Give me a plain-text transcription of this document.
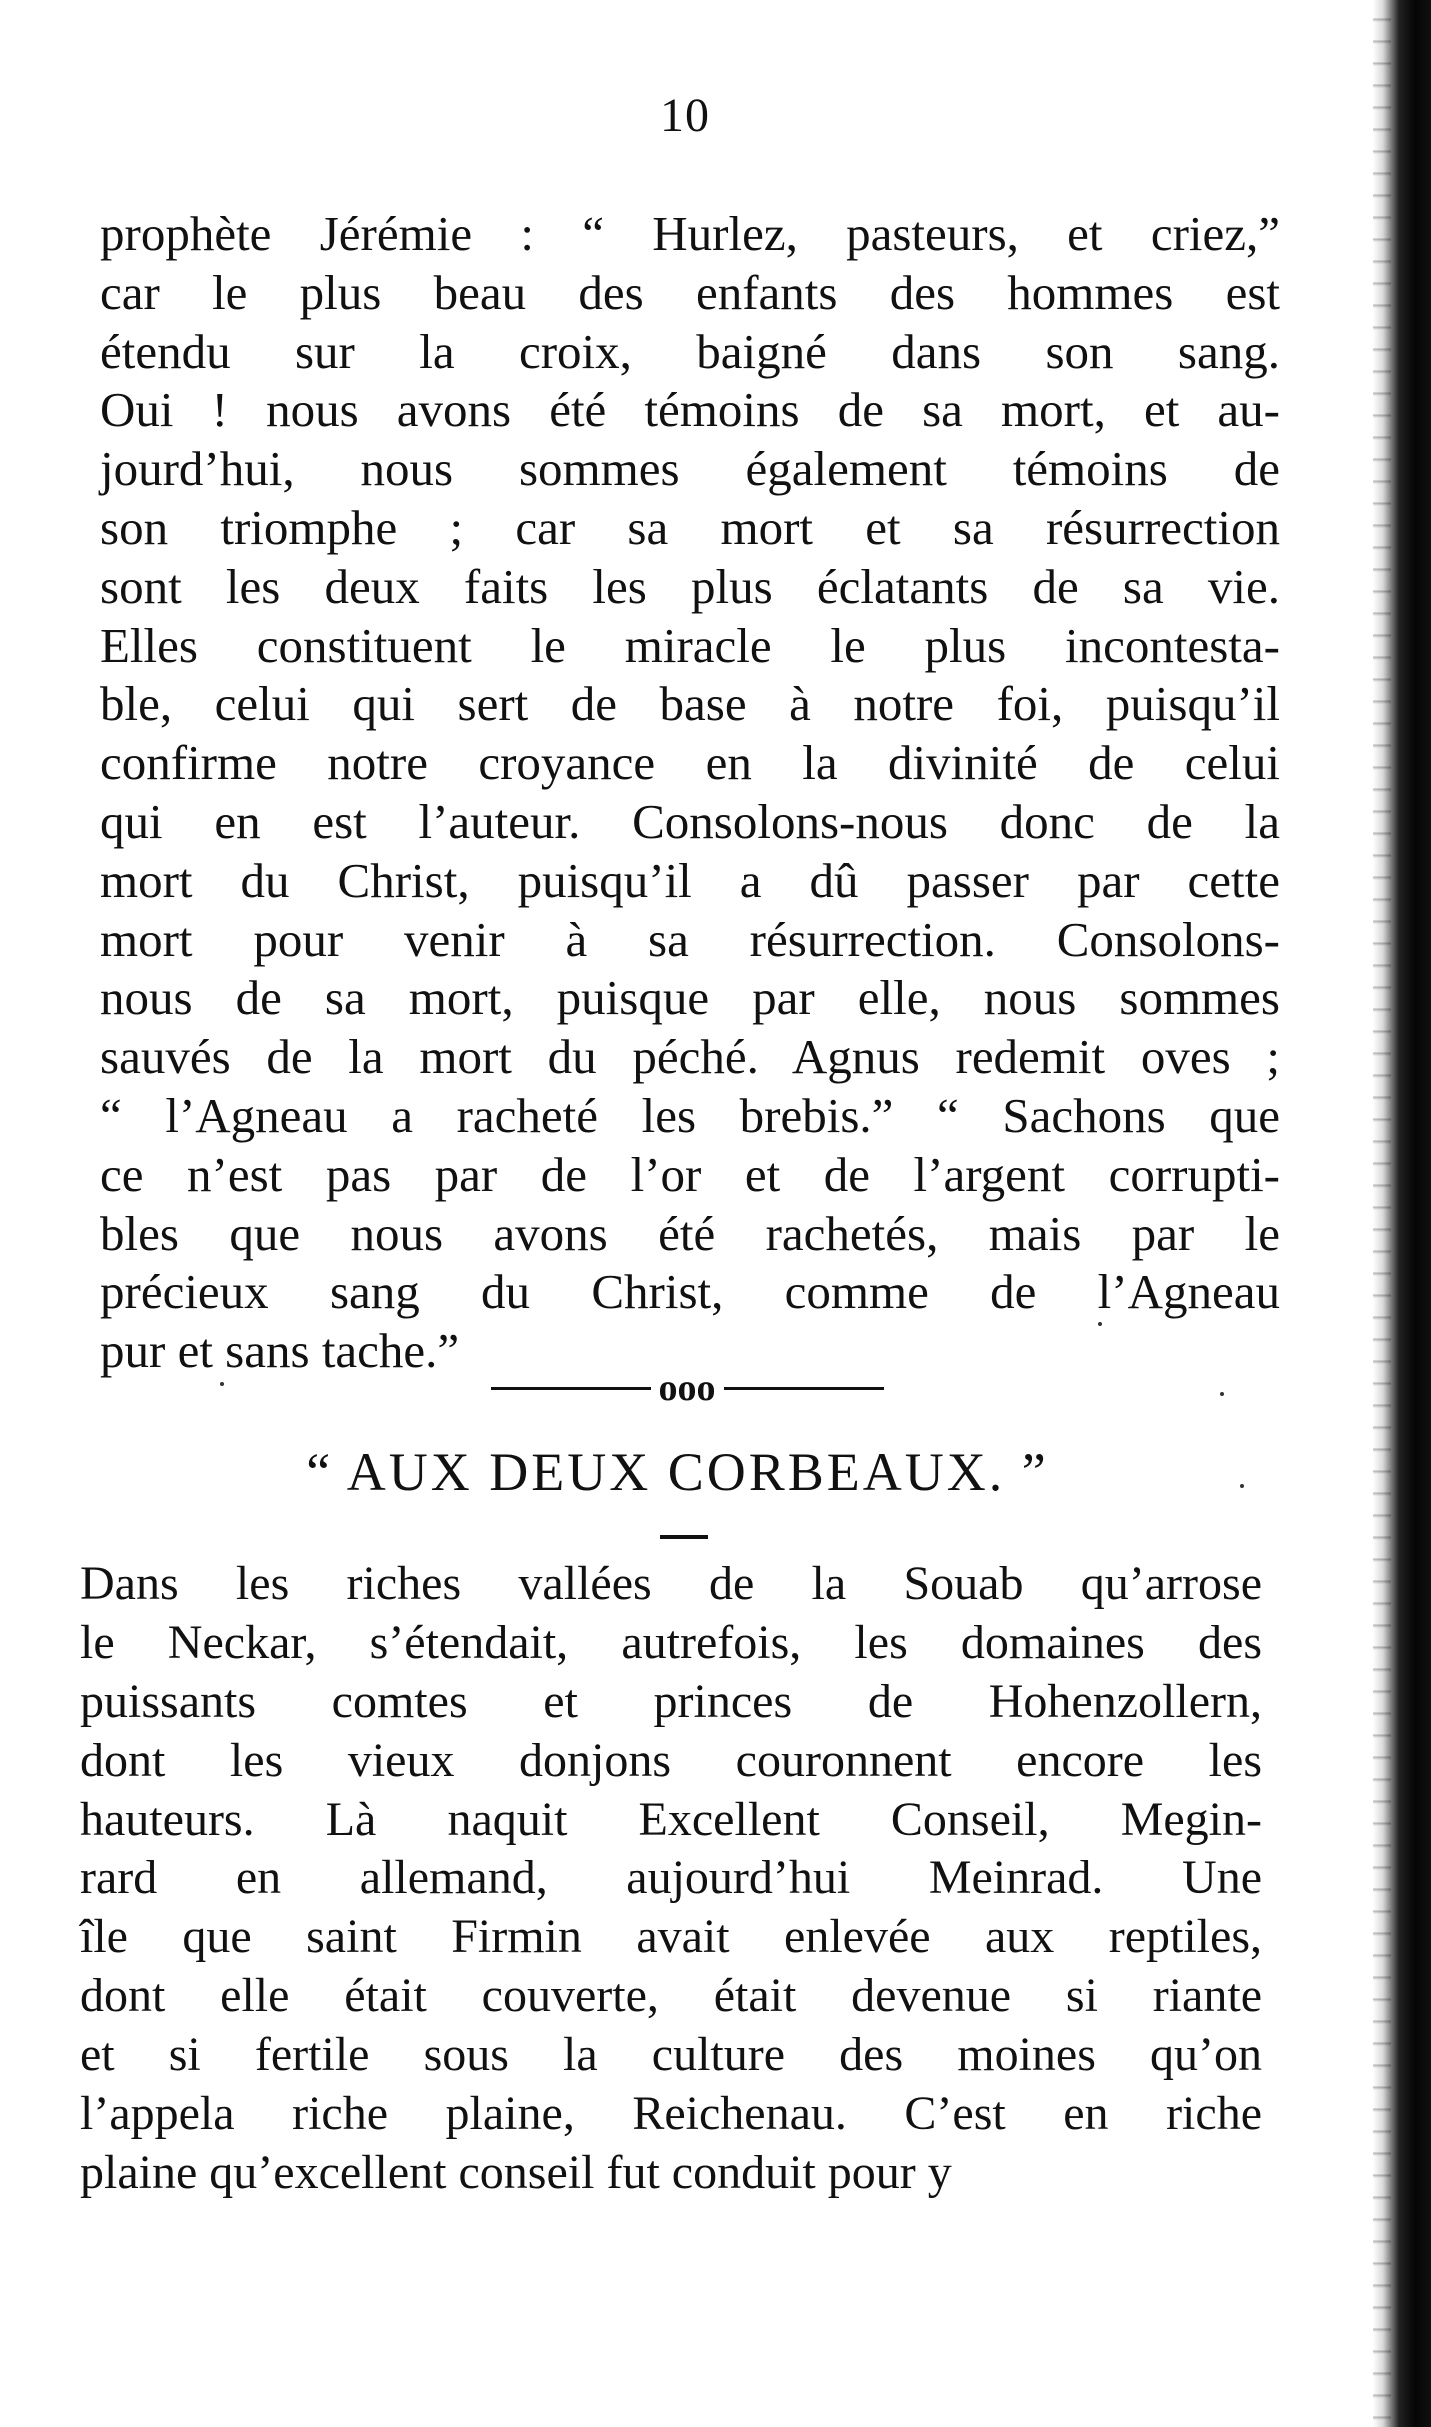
10
prophète Jérémie : “ Hurlez, pasteurs, et criez,”
car le plus beau des enfants des hommes est
étendu sur la croix, baigné dans son sang.
Oui ! nous avons été témoins de sa mort, et au-
jourd’hui, nous sommes également témoins de
son triomphe ; car sa mort et sa résurrection
sont les deux faits les plus éclatants de sa vie.
Elles constituent le miracle le plus incontesta-
ble, celui qui sert de base à notre foi, puisqu’il
confirme notre croyance en la divinité de celui
qui en est l’auteur. Consolons-nous donc de la
mort du Christ, puisqu’il a dû passer par cette
mort pour venir à sa résurrection. Consolons-
nous de sa mort, puisque par elle, nous sommes
sauvés de la mort du péché. Agnus redemit oves ;
“ l’Agneau a racheté les brebis.” “ Sachons que
ce n’est pas par de l’or et de l’argent corrupti-
bles que nous avons été rachetés, mais par le
précieux sang du Christ, comme de l’Agneau
pur et sans tache.”
ooo
“ AUX DEUX CORBEAUX. ”
Dans les riches vallées de la Souab qu’arrose
le Neckar, s’étendait, autrefois, les domaines des
puissants comtes et princes de Hohenzollern,
dont les vieux donjons couronnent encore les
hauteurs. Là naquit Excellent Conseil, Megin-
rard en allemand, aujourd’hui Meinrad. Une
île que saint Firmin avait enlevée aux reptiles,
dont elle était couverte, était devenue si riante
et si fertile sous la culture des moines qu’on
l’appela riche plaine, Reichenau. C’est en riche
plaine qu’excellent conseil fut conduit pour y
